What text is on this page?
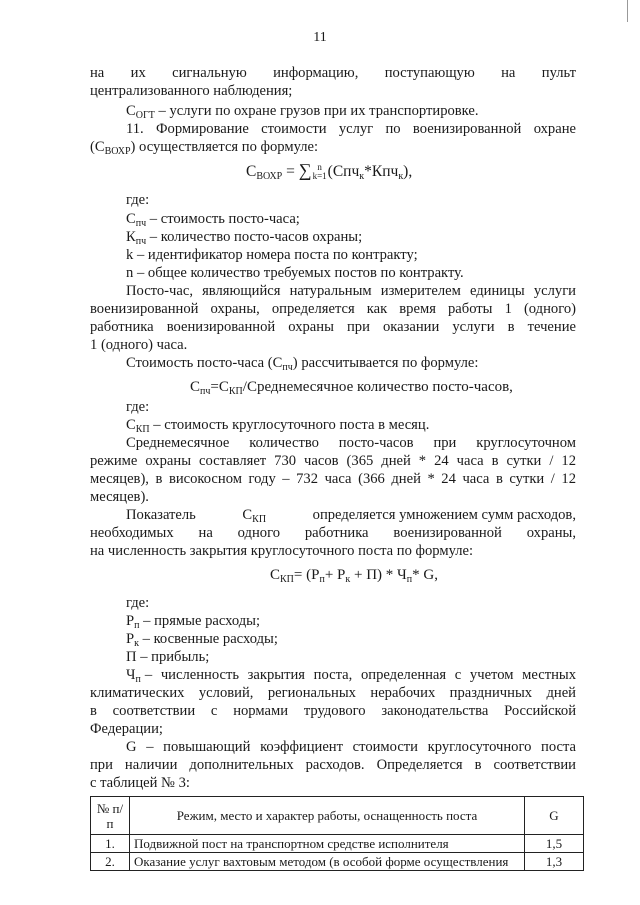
11
на их сигнальную информацию, поступающую на пульт
централизованного наблюдения;
$С_{ОГТ}$ – услуги по охране грузов при их транспортировке.
11. Формирование стоимости услуг по военизированной охране
$(С_{ВОХР})$ осуществляется по формуле:
$С_{ВОХР}$ = ∑ n
k=1(Спч$_к$*Кпч$_к$),
где:
$С_{пч}$ – стоимость посто-часа;
$К_{пч}$ – количество посто-часов охраны;
k – идентификатор номера поста по контракту;
n – общее количество требуемых постов по контракту.
Посто-час, являющийся натуральным измерителем единицы услуги
военизированной охраны, определяется как время работы 1 (одного)
работника военизированной охраны при оказании услуги в течение
1 (одного) часа.
Стоимость посто-часа $(С_{пч})$ рассчитывается по формуле:
$С_{пч}=С_{КП}$/Среднемесячное количество посто-часов,
где:
$С_{КП}$ – стоимость круглосуточного поста в месяц.
Среднемесячное количество посто-часов при круглосуточном
режиме охраны составляет 730 часов (365 дней * 24 часа в сутки / 12
месяцев), в високосном году – 732 часа (366 дней * 24 часа в сутки / 12
месяцев).
Показатель	$С_{КП}$	определяется умножением сумм расходов,
необходимых на одного работника военизированной охраны,
на численность закрытия круглосуточного поста по формуле:
$С_{КП}= (Р_п+ Р_к + П) * Ч_п*$ G,
где:
$Р_п$ – прямые расходы;
$Р_к$ – косвенные расходы;
П – прибыль;
$Ч_п$ – численность закрытия поста, определенная с учетом местных
климатических условий, региональных нерабочих праздничных дней
в соответствии с нормами трудового законодательства Российской
Федерации;
G – повышающий коэффициент стоимости круглосуточного поста
при наличии дополнительных расходов. Определяется в соответствии
с таблицей № 3:
№ п/п	Режим, место и характер работы, оснащенность поста	G
1.	Подвижной пост на транспортном средстве исполнителя	1,5
2.	Оказание услуг вахтовым методом (в особой форме осуществления	1,3
